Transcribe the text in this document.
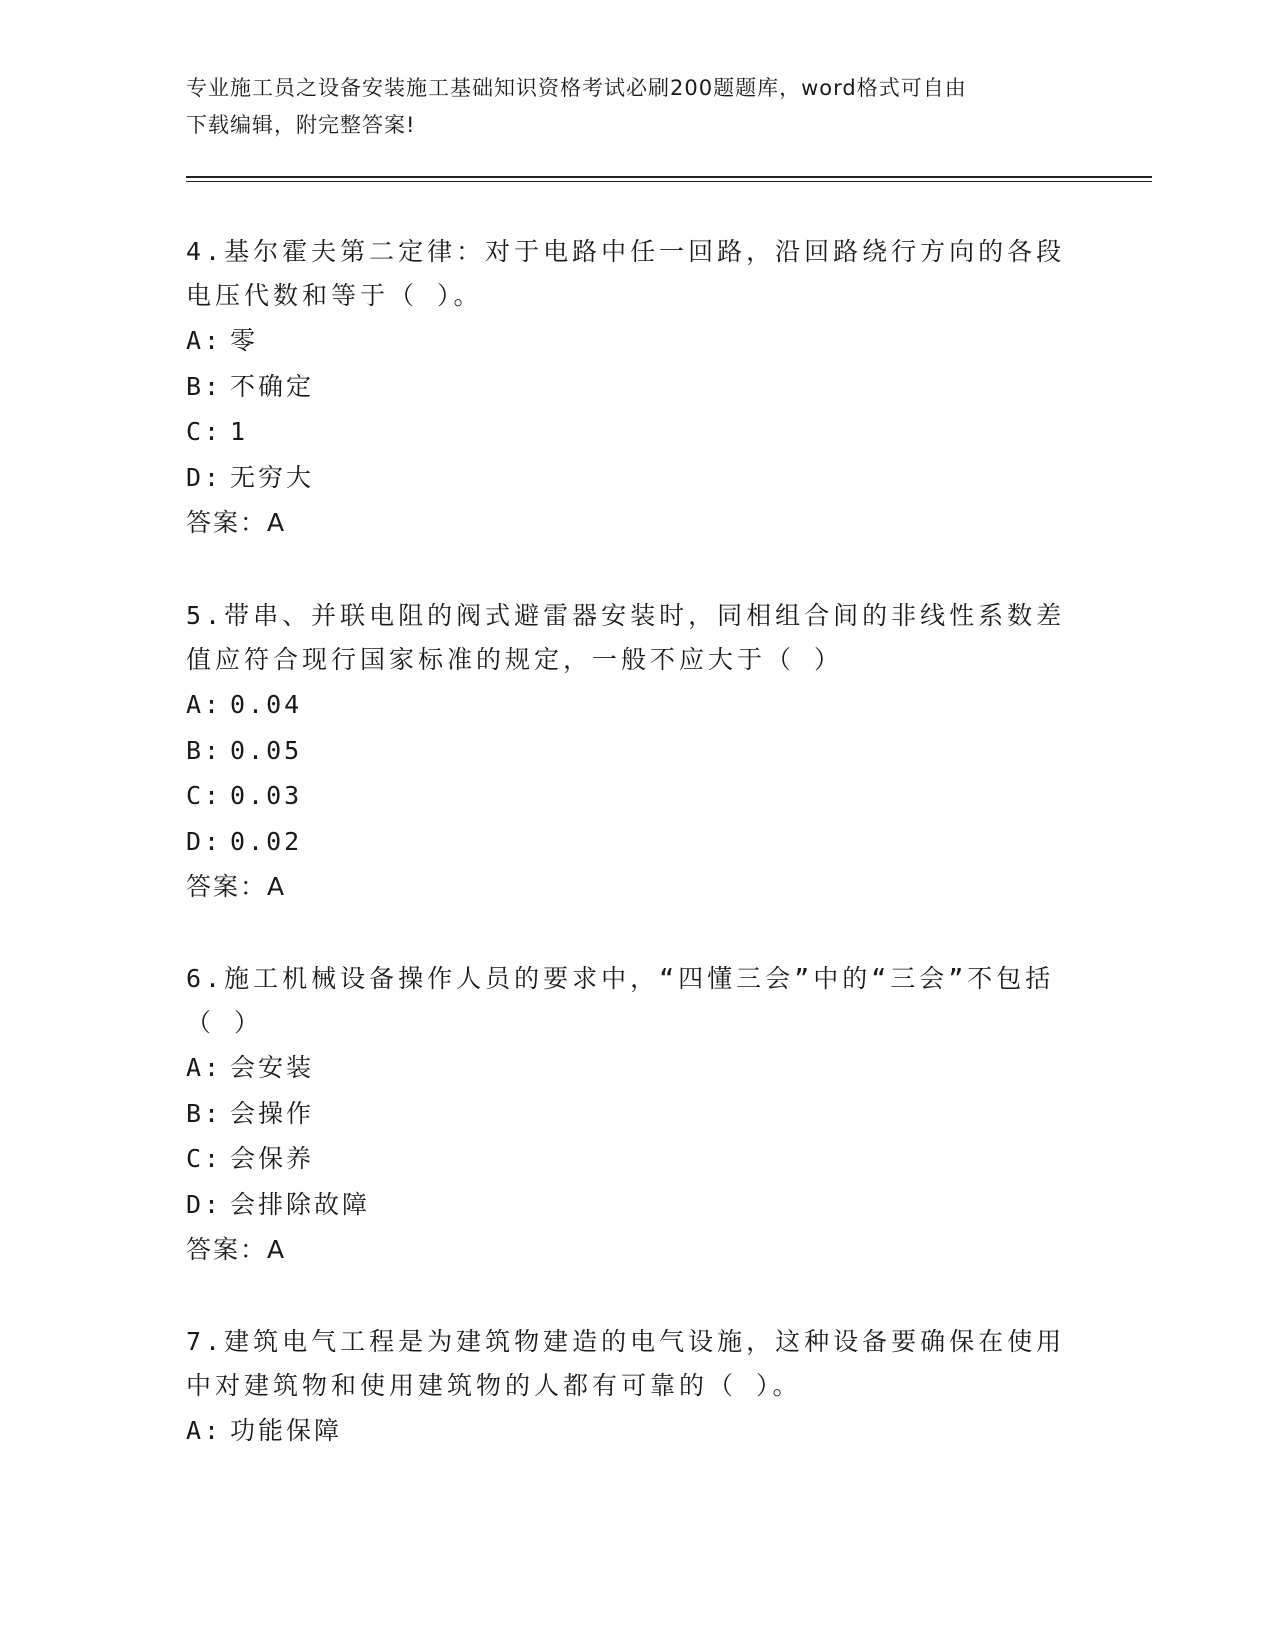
专业施工员之设备安装施工基础知识资格考试必刷200题题库，word格式可自由
下载编辑，附完整答案!

4.基尔霍夫第二定律：对于电路中任一回路，沿回路绕行方向的各段电压代数和等于（ ）。

A: 零
B: 不确定
C: 1
D: 无穷大
答案：A

5.带串、并联电阻的阀式避雷器安装时，同相组合间的非线性系数差值应符合现行国家标准的规定，一般不应大于（ ）

A: 0.04
B: 0.05
C: 0.03
D: 0.02
答案：A

6.施工机械设备操作人员的要求中，“四懂三会”中的“三会”不包括（ ）

A: 会安装
B: 会操作
C: 会保养
D: 会排除故障
答案：A

7.建筑电气工程是为建筑物建造的电气设施，这种设备要确保在使用中对建筑物和使用建筑物的人都有可靠的（ ）。

A: 功能保障
